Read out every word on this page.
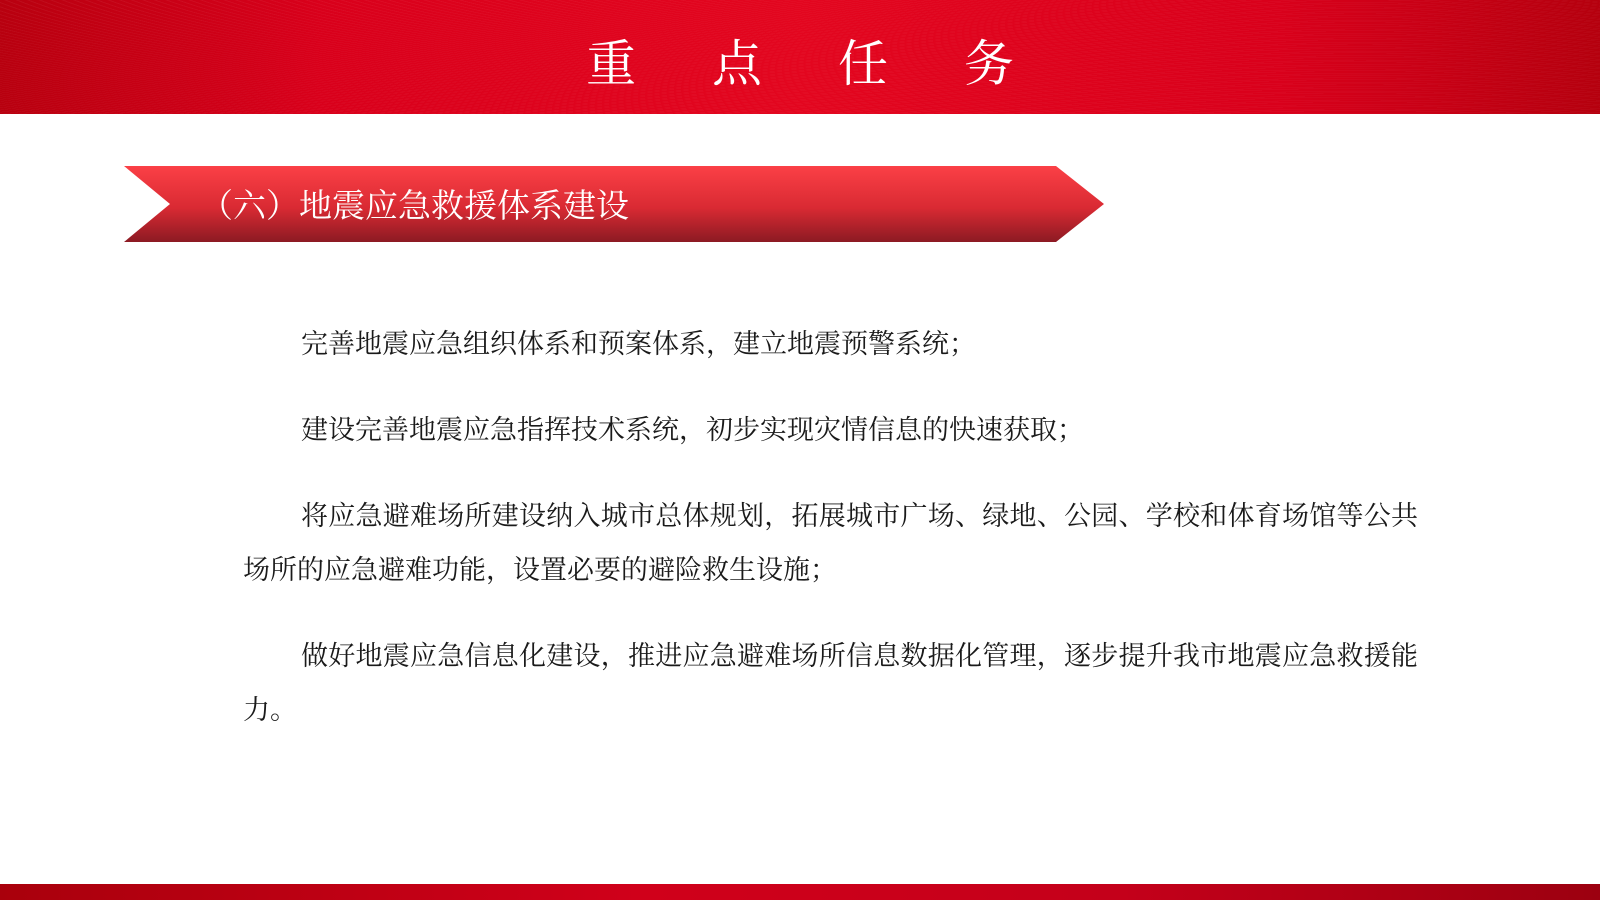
重 点 任 务
（六）地震应急救援体系建设

完善地震应急组织体系和预案体系，建立地震预警系统；

建设完善地震应急指挥技术系统，初步实现灾情信息的快速获取；

将应急避难场所建设纳入城市总体规划，拓展城市广场、绿地、公园、学校和体育场馆等公共场所的应急避难功能，设置必要的避险救生设施；

做好地震应急信息化建设，推进应急避难场所信息数据化管理，逐步提升我市地震应急救援能力。
